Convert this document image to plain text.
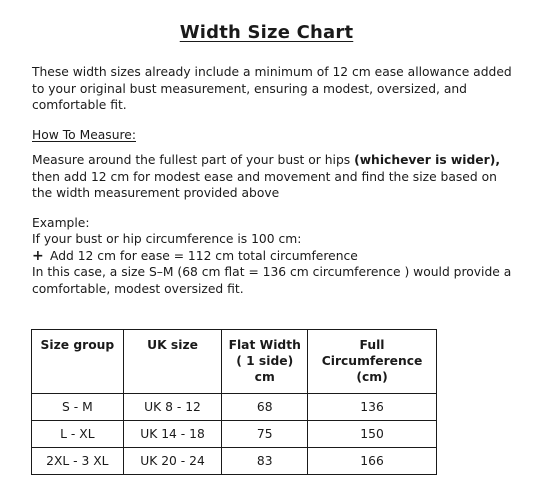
Width Size Chart

These width sizes already include a minimum of 12 cm ease allowance added to your original bust measurement, ensuring a modest, oversized, and comfortable fit.

How To Measure:

Measure around the fullest part of your bust or hips (whichever is wider), then add 12 cm for modest ease and movement and find the size based on the width measurement provided above

Example:
If your bust or hip circumference is 100 cm:
+ Add 12 cm for ease = 112 cm total circumference
In this case, a size S–M (68 cm flat = 136 cm circumference ) would provide a comfortable, modest oversized fit.
Size group	UK size	Flat Width ( 1 side) cm	Full Circumference (cm)
S - M	UK 8 - 12	68	136
L - XL	UK 14 - 18	75	150
2XL - 3 XL	UK 20 - 24	83	166
